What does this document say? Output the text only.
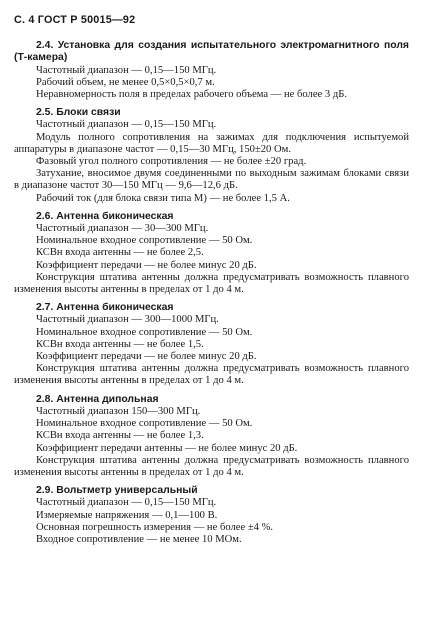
С. 4 ГОСТ Р 50015—92
2.4. Установка для создания испытательного электромагнитного поля (Т-камера)
Частотный диапазон — 0,15—150 МГц.
Рабочий объем, не менее 0,5×0,5×0,7 м.
Неравномерность поля в пределах рабочего объема — не более 3 дБ.
2.5. Блоки связи
Частотный диапазон — 0,15—150 МГц.
Модуль полного сопротивления на зажимах для подключения испытуемой аппаратуры в диапазоне частот — 0,15—30 МГц, 150±20 Ом.
Фазовый угол полного сопротивления — не более ±20 град.
Затухание, вносимое двумя соединенными по выходным зажимам блоками связи в диапазоне частот 30—150 МГц — 9,6—12,6 дБ.
Рабочий ток (для блока связи типа М) — не более 1,5 А.
2.6. Антенна биконическая
Частотный диапазон — 30—300 МГц.
Номинальное входное сопротивление — 50 Ом.
КСВн входа антенны — не более 2,5.
Коэффициент передачи — не более минус 20 дБ.
Конструкция штатива антенны должна предусматривать возможность плавного изменения высоты антенны в пределах от 1 до 4 м.
2.7. Антенна биконическая
Частотный диапазон — 300—1000 МГц.
Номинальное входное сопротивление — 50 Ом.
КСВн входа антенны — не более 1,5.
Коэффициент передачи — не более минус 20 дБ.
Конструкция штатива антенны должна предусматривать возможность плавного изменения высоты антенны в пределах от 1 до 4 м.
2.8. Антенна дипольная
Частотный диапазон 150—300 МГц.
Номинальное входное сопротивление — 50 Ом.
КСВн входа антенны — не более 1,3.
Коэффициент передачи антенны — не более минус 20 дБ.
Конструкция штатива антенны должна предусматривать возможность плавного изменения высоты антенны в пределах от 1 до 4 м.
2.9. Вольтметр универсальный
Частотный диапазон — 0,15—150 МГц.
Измеряемые напряжения — 0,1—100 В.
Основная погрешность измерения — не более ±4 %.
Входное сопротивление — не менее 10 МОм.
